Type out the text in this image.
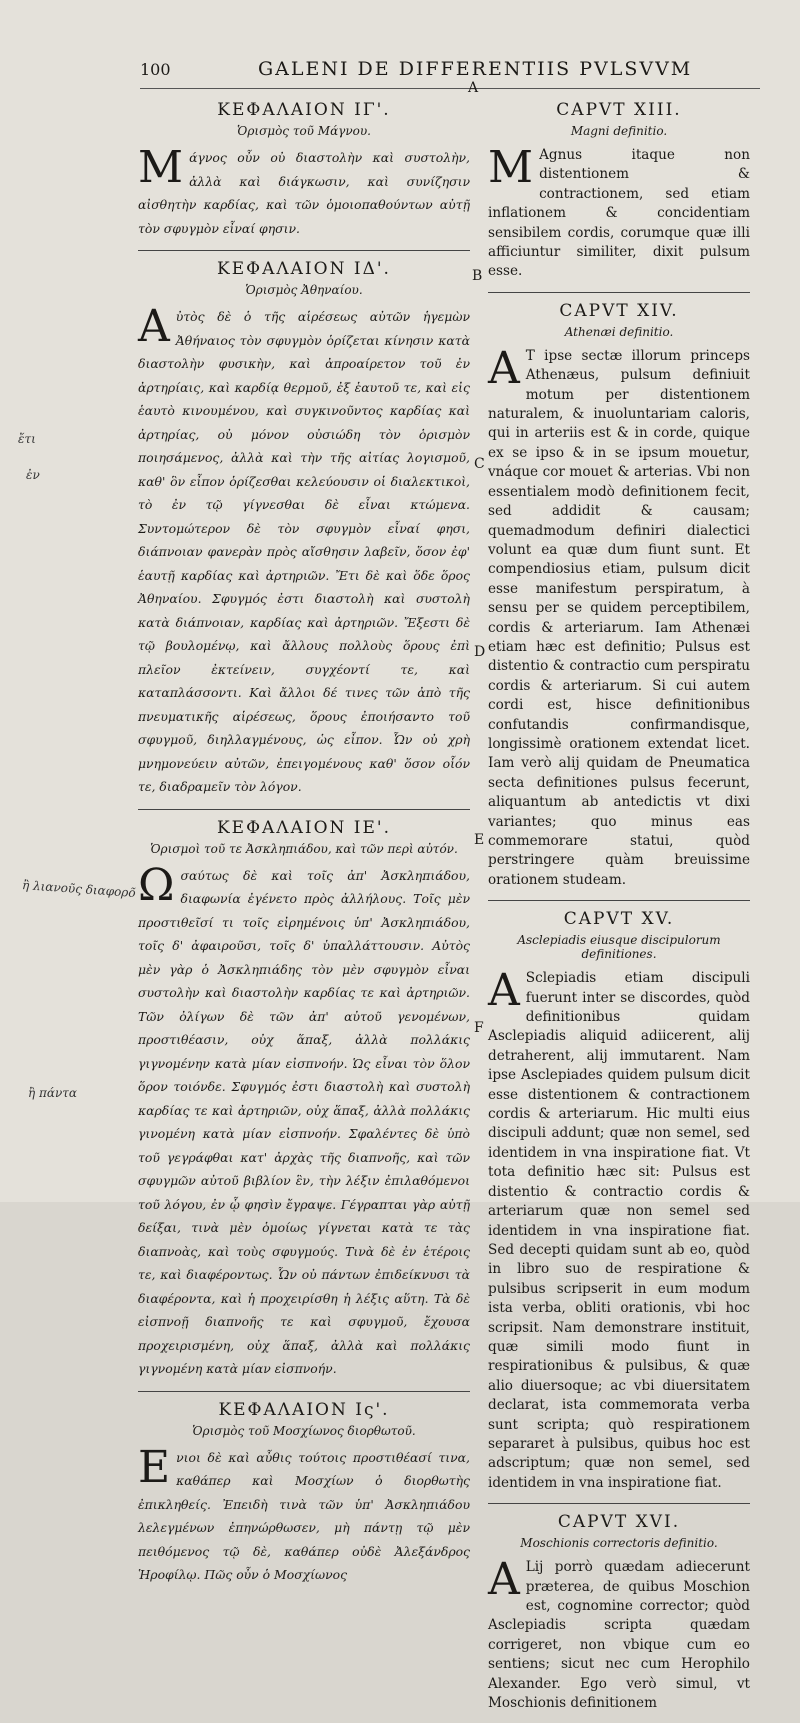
100	GALENI DE DIFFERENTIIS PVLSVVM
A
B
C
D
E
F
ἔτι
ἐν
ἢ λιανοῦς διαφορο̃
ἢ πάντα
ΚΕΦΑΛΑΙΟΝ ΙΓ'.
Ὁρισμὸς τοῦ Μάγνου.

Μάγνος οὖν οὐ διαστολὴν καὶ συστολὴν, ἀλλὰ καὶ διάγκωσιν, καὶ συνίζησιν αἰσθητὴν καρδίας, καὶ τῶν ὁμοιοπαθούντων αὐτῇ τὸν σφυγμὸν εἶναί φησιν.

ΚΕΦΑΛΑΙΟΝ ΙΔ'.
Ὁρισμὸς Ἀθηναίου.

Αὐτὸς δὲ ὁ τῆς αἱρέσεως αὐτῶν ἡγεμὼν Ἀθήναιος τὸν σφυγμὸν ὁρίζεται κίνησιν κατὰ διαστολὴν φυσικὴν, καὶ ἀπροαίρετον τοῦ ἐν ἀρτηρίαις, καὶ καρδίᾳ θερμοῦ, ἐξ ἑαυτοῦ τε, καὶ εἰς ἑαυτὸ κινουμένου, καὶ συγκινοῦντος καρδίας καὶ ἀρτηρίας, οὐ μόνον οὐσιώδη τὸν ὁρισμὸν ποιησάμενος, ἀλλὰ καὶ τὴν τῆς αἰτίας λογισμοῦ, καθ' ὃν εἶπον ὁρίζεσθαι κελεύουσιν οἱ διαλεκτικοὶ, τὸ ἐν τῷ γίγνεσθαι δὲ εἶναι κτώμενα. Συντομώτερον δὲ τὸν σφυγμὸν εἶναί φησι, διάπνοιαν φανερὰν πρὸς αἴσθησιν λαβεῖν, ὅσον ἐφ' ἑαυτῇ καρδίας καὶ ἀρτηριῶν. Ἔτι δὲ καὶ ὅδε ὅρος Ἀθηναίου. Σφυγμός ἐστι διαστολὴ καὶ συστολὴ κατὰ διάπνοιαν, καρδίας καὶ ἀρτηριῶν. Ἔξεστι δὲ τῷ βουλομένῳ, καὶ ἄλλους πολλοὺς ὅρους ἐπὶ πλεῖον ἐκτείνειν, συγχέοντί τε, καὶ καταπλάσσοντι. Καὶ ἄλλοι δέ τινες τῶν ἀπὸ τῆς πνευματικῆς αἱρέσεως, ὅρους ἐποιήσαντο τοῦ σφυγμοῦ, διηλλαγμένους, ὡς εἶπον. Ὧν οὐ χρὴ μνημονεύειν αὐτῶν, ἐπειγομένους καθ' ὅσον οἷόν τε, διαδραμεῖν τὸν λόγον.

ΚΕΦΑΛΑΙΟΝ ΙΕ'.
Ὁρισμοὶ τοῦ τε Ἀσκληπιάδου, καὶ τῶν περὶ αὐτόν.

Ωσαύτως δὲ καὶ τοῖς ἀπ' Ἀσκληπιάδου, διαφωνία ἐγένετο πρὸς ἀλλήλους. Τοῖς μὲν προστιθεῖσί τι τοῖς εἰρημένοις ὑπ' Ἀσκληπιάδου, τοῖς δ' ἀφαιροῦσι, τοῖς δ' ὑπαλλάττουσιν. Αὐτὸς μὲν γὰρ ὁ Ἀσκληπιάδης τὸν μὲν σφυγμὸν εἶναι συστολὴν καὶ διαστολὴν καρδίας τε καὶ ἀρτηριῶν. Τῶν ὀλίγων δὲ τῶν ἀπ' αὐτοῦ γενομένων, προστιθέασιν, οὐχ ἅπαξ, ἀλλὰ πολλάκις γιγνομένην κατὰ μίαν εἰσπνοήν. Ὡς εἶναι τὸν ὅλον ὅρον τοιόνδε. Σφυγμός ἐστι διαστολὴ καὶ συστολὴ καρδίας τε καὶ ἀρτηριῶν, οὐχ ἅπαξ, ἀλλὰ πολλάκις γινομένη κατὰ μίαν εἰσπνοήν. Σφαλέντες δὲ ὑπὸ τοῦ γεγράφθαι κατ' ἀρχὰς τῆς διαπνοῆς, καὶ τῶν σφυγμῶν αὐτοῦ βιβλίον ἓν, τὴν λέξιν ἐπιλαθόμενοι τοῦ λόγου, ἐν ᾧ φησὶν ἔγραψε. Γέγραπται γὰρ αὐτῇ δείξαι, τινὰ μὲν ὁμοίως γίγνεται κατὰ τε τὰς διαπνοὰς, καὶ τοὺς σφυγμούς. Τινὰ δὲ ἐν ἑτέροις τε, καὶ διαφέροντως. Ὧν οὐ πάντων ἐπιδείκνυσι τὰ διαφέροντα, καὶ ἡ προχειρίσθη ἡ λέξις αὕτη. Τὰ δὲ εἰσπνοῇ διαπνοῆς τε καὶ σφυγμοῦ, ἔχουσα προχειρισμένη, οὐχ ἅπαξ, ἀλλὰ καὶ πολλάκις γιγνομένη κατὰ μίαν εἰσπνοήν.

ΚΕΦΑΛΑΙΟΝ Ις'.
Ὁρισμὸς τοῦ Μοσχίωνος διορθωτοῦ.

Ενιοι δὲ καὶ αὖθις τούτοις προστιθέασί τινα, καθάπερ καὶ Μοσχίων ὁ διορθωτὴς ἐπικληθείς. Ἐπειδὴ τινὰ τῶν ὑπ' Ἀσκληπιάδου λελεγμένων ἐπηνώρθωσεν, μὴ πάντῃ τῷ μὲν πειθόμενος τῷ δὲ, καθάπερ οὐδὲ Ἀλεξάνδρος Ἡροφίλῳ. Πῶς οὖν ὁ Μοσχίωνος

CAPVT XIII.
Magni definitio.

M Agnus itaque non distentionem & contractionem, sed etiam inflationem & concidentiam sensibilem cordis, corumque quæ illi afficiuntur similiter, dixit pulsum esse.

CAPVT XIV.
Athenæi definitio.

A T ipse sectæ illorum princeps Athenæus, pulsum definiuit motum per distentionem naturalem, & inuoluntariam caloris, qui in arteriis est & in corde, quique ex se ipso & in se ipsum mouetur, vnáque cor mouet & arterias. Vbi non essentialem modò definitionem fecit, sed addidit & causam; quemadmodum definiri dialectici volunt ea quæ dum fiunt sunt. Et compendiosius etiam, pulsum dicit esse manifestum perspiratum, à sensu per se quidem perceptibilem, cordis & arteriarum. Iam Athenæi etiam hæc est definitio; Pulsus est distentio & contractio cum perspiratu cordis & arteriarum. Si cui autem cordi est, hisce definitionibus confutandis confirmandisque, longissimè orationem extendat licet. Iam verò alij quidam de Pneumatica secta definitiones pulsus fecerunt, aliquantum ab antedictis vt dixi variantes; quo minus eas commemorare statui, quòd perstringere quàm breuissime orationem studeam.

CAPVT XV.
Asclepiadis eiusque discipulorum definitiones.

A Sclepiadis etiam discipuli fuerunt inter se discordes, quòd definitionibus quidam Asclepiadis aliquid adiicerent, alij detraherent, alij immutarent. Nam ipse Asclepiades quidem pulsum dicit esse distentionem & contractionem cordis & arteriarum. Hic multi eius discipuli addunt; quæ non semel, sed identidem in vna inspiratione fiat. Vt tota definitio hæc sit: Pulsus est distentio & contractio cordis & arteriarum quæ non semel sed identidem in vna inspiratione fiat. Sed decepti quidam sunt ab eo, quòd in libro suo de respiratione & pulsibus scripserit in eum modum ista verba, obliti orationis, vbi hoc scripsit. Nam demonstrare instituit, quæ simili modo fiunt in respirationibus & pulsibus, & quæ alio diuersoque; ac vbi diuersitatem declarat, ista commemorata verba sunt scripta; quò respirationem separaret à pulsibus, quibus hoc est adscriptum; quæ non semel, sed identidem in vna inspiratione fiat.

CAPVT XVI.
Moschionis correctoris definitio.

A Lij porrò quædam adiecerunt præterea, de quibus Moschion est, cognomine corrector; quòd Asclepiadis scripta quædam corrigeret, non vbique cum eo sentiens; sicut nec cum Herophilo Alexander. Ego verò simul, vt Moschionis definitionem
